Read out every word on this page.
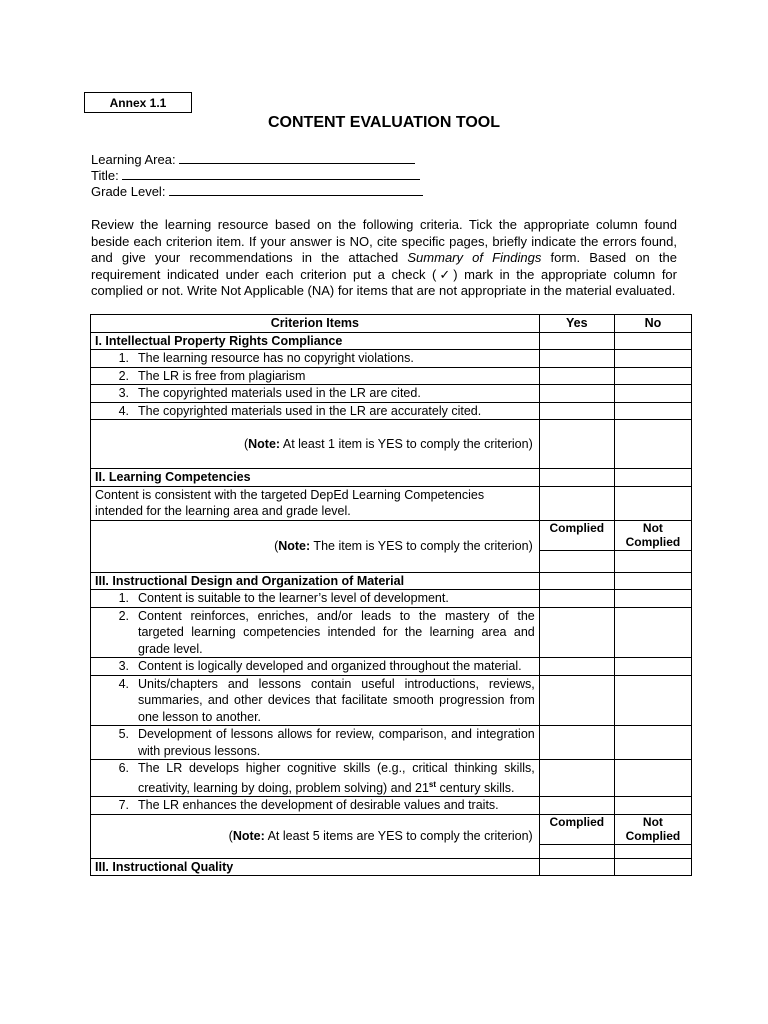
Annex 1.1
CONTENT EVALUATION TOOL
Learning Area:
Title:
Grade Level:
Review the learning resource based on the following criteria. Tick the appropriate column found beside each criterion item. If your answer is NO, cite specific pages, briefly indicate the errors found, and give your recommendations in the attached Summary of Findings form. Based on the requirement indicated under each criterion put a check (✓) mark in the appropriate column for complied or not. Write Not Applicable (NA) for items that are not appropriate in the material evaluated.
Criterion Items	Yes	No
I. Intellectual Property Rights Compliance		

1. The learning resource has no copyright violations.		

2. The LR is free from plagiarism		

3. The copyrighted materials used in the LR are cited.		

4. The copyrighted materials used in the LR are accurately cited.		

(Note: At least 1 item is YES to comply the criterion)		
II. Learning Competencies		
Content is consistent with the targeted DepEd Learning Competencies intended for the learning area and grade level.		
(Note: The item is YES to comply the criterion)	Complied	Not
Complied

III. Instructional Design and Organization of Material		

1. Content is suitable to the learner’s level of development.		

2. Content reinforces, enriches, and/or leads to the mastery of the targeted learning competencies intended for the learning area and grade level.		

3. Content is logically developed and organized throughout the material.		

4. Units/chapters and lessons contain useful introductions, reviews, summaries, and other devices that facilitate smooth progression from one lesson to another.		

5. Development of lessons allows for review, comparison, and integration with previous lessons.		

6. The LR develops higher cognitive skills (e.g., critical thinking skills, creativity, learning by doing, problem solving) and 21st century skills.		

7. The LR enhances the development of desirable values and traits.		

(Note: At least 5 items are YES to comply the criterion)	Complied	Not
Complied

III. Instructional Quality		
